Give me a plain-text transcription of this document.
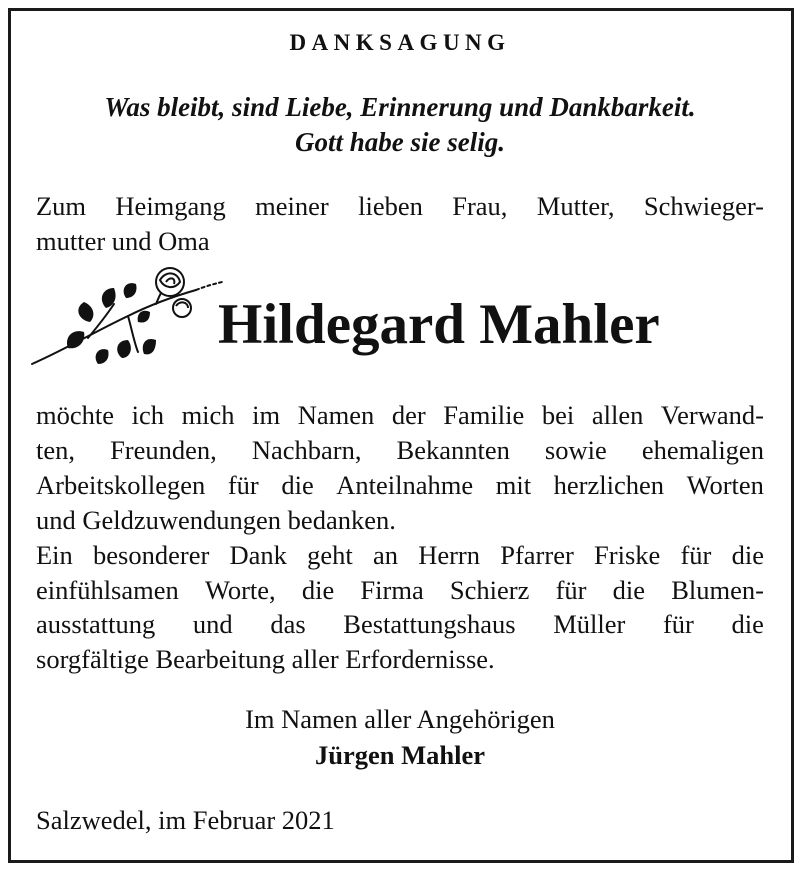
DANKSAGUNG
Was bleibt, sind Liebe, Erinnerung und Dankbarkeit.
Gott habe sie selig.
Zum Heimgang meiner lieben Frau, Mutter, Schwieger-
mutter und Oma
Hildegard Mahler
möchte ich mich im Namen der Familie bei allen Verwand-
ten, Freunden, Nachbarn, Bekannten sowie ehemaligen
Arbeitskollegen für die Anteilnahme mit herzlichen Worten
und Geldzuwendungen bedanken.
Ein besonderer Dank geht an Herrn Pfarrer Friske für die
einfühlsamen Worte, die Firma Schierz für die Blumen-
ausstattung und das Bestattungshaus Müller für die
sorgfältige Bearbeitung aller Erfordernisse.
Im Namen aller Angehörigen
Jürgen Mahler
Salzwedel, im Februar 2021
